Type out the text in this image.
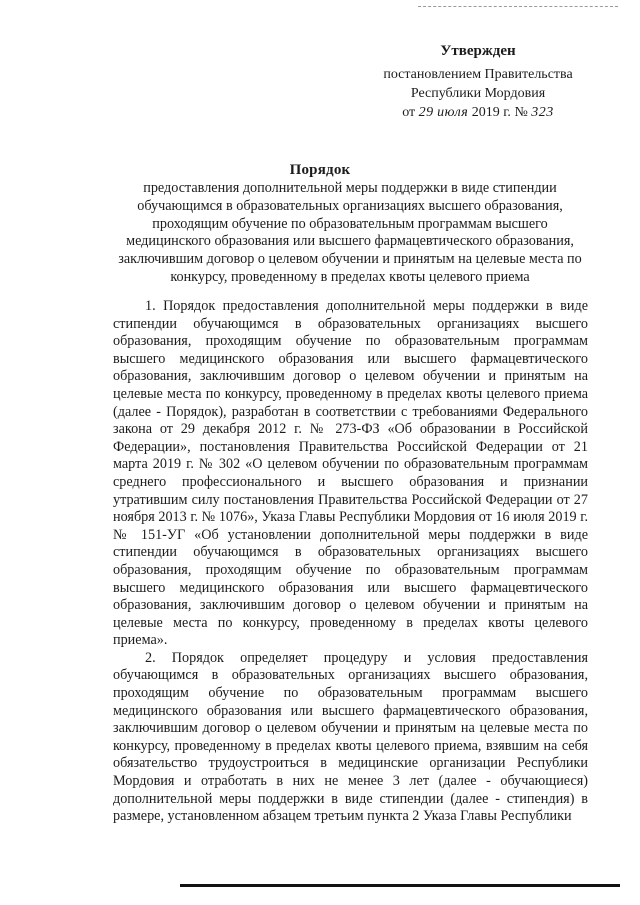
Утвержден
постановлением Правительства
Республики Мордовия
от 29 июля 2019 г. № 323
Порядок
предоставления дополнительной меры поддержки в виде стипендии обучающимся в образовательных организациях высшего образования, проходящим обучение по образовательным программам высшего медицинского образования или высшего фармацевтического образования, заключившим договор о целевом обучении и принятым на целевые места по конкурсу, проведенному в пределах квоты целевого приема

1. Порядок предоставления дополнительной меры поддержки в виде стипендии обучающимся в образовательных организациях высшего образования, проходящим обучение по образовательным программам высшего медицинского образования или высшего фармацевтического образования, заключившим договор о целевом обучении и принятым на целевые места по конкурсу, проведенному в пределах квоты целевого приема (далее - Порядок), разработан в соответствии с требованиями Федерального закона от 29 декабря 2012 г. № 273-ФЗ «Об образовании в Российской Федерации», постановления Правительства Российской Федерации от 21 марта 2019 г. № 302 «О целевом обучении по образовательным программам среднего профессионального и высшего образования и признании утратившим силу постановления Правительства Российской Федерации от 27 ноября 2013 г. № 1076», Указа Главы Республики Мордовия от 16 июля 2019 г. № 151-УГ «Об установлении дополнительной меры поддержки в виде стипендии обучающимся в образовательных организациях высшего образования, проходящим обучение по образовательным программам высшего медицинского образования или высшего фармацевтического образования, заключившим договор о целевом обучении и принятым на целевые места по конкурсу, проведенному в пределах квоты целевого приема».

2. Порядок определяет процедуру и условия предоставления обучающимся в образовательных организациях высшего образования, проходящим обучение по образовательным программам высшего медицинского образования или высшего фармацевтического образования, заключившим договор о целевом обучении и принятым на целевые места по конкурсу, проведенному в пределах квоты целевого приема, взявшим на себя обязательство трудоустроиться в медицинские организации Республики Мордовия и отработать в них не менее 3 лет (далее - обучающиеся) дополнительной меры поддержки в виде стипендии (далее - стипендия) в размере, установленном абзацем третьим пункта 2 Указа Главы Республики
